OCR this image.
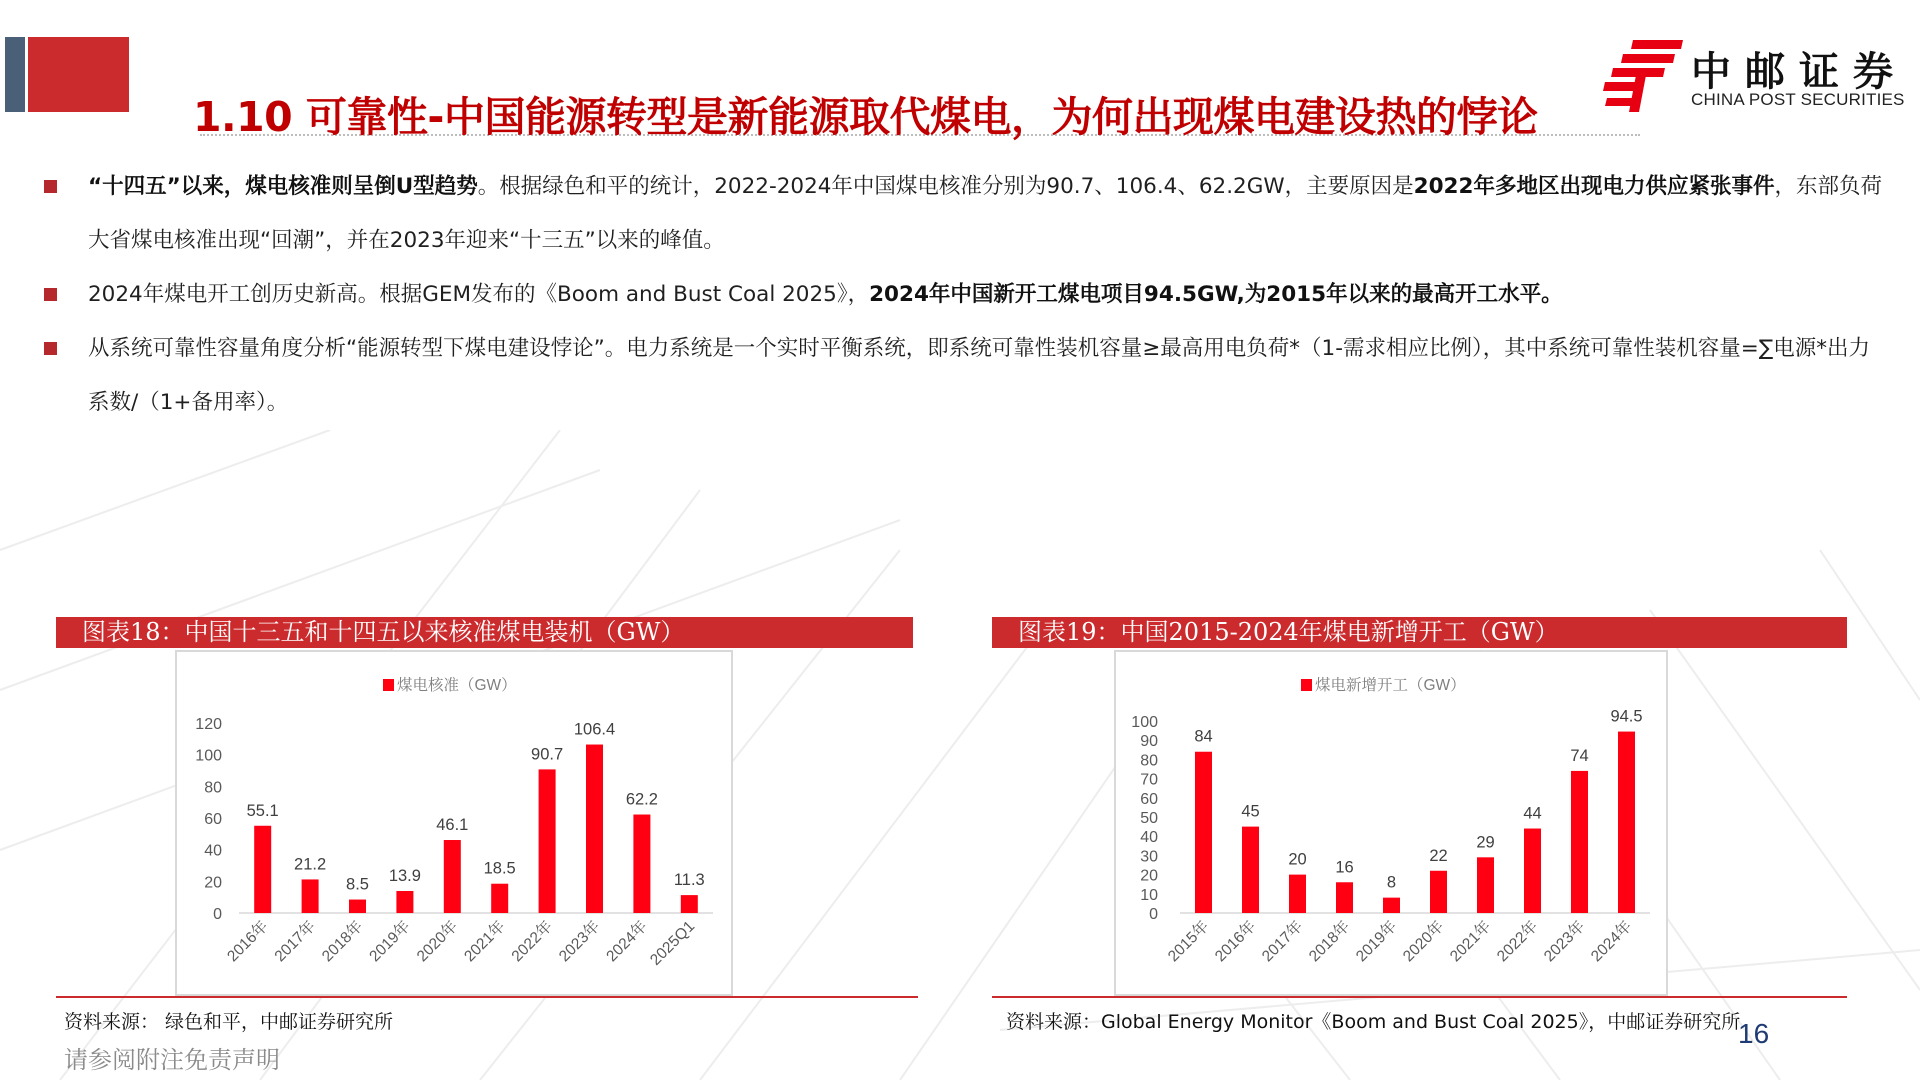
1.10 可靠性-中国能源转型是新能源取代煤电，为何出现煤电建设热的悖论
中邮证券
CHINA POST SECURITIES
“十四五”以来，煤电核准则呈倒U型趋势。根据绿色和平的统计，2022-2024年中国煤电核准分别为90.7、106.4、62.2GW，主要原因是2022年多地区出现电力供应紧张事件，东部负荷大省煤电核准出现“回潮”，并在2023年迎来“十三五”以来的峰值。
2024年煤电开工创历史新高。根据GEM发布的《Boom and Bust Coal 2025》，2024年中国新开工煤电项目94.5GW,为2015年以来的最高开工水平。
从系统可靠性容量角度分析“能源转型下煤电建设悖论”。电力系统是一个实时平衡系统，即系统可靠性装机容量≥最高用电负荷*（1-需求相应比例），其中系统可靠性装机容量=∑电源*出力系数/（1+备用率）。
图表18：中国十三五和十四五以来核准煤电装机（GW）
煤电核准（GW）
0
20
40
60
80
100
120
55.1
2016年
21.2
2017年
8.5
2018年
13.9
2019年
46.1
2020年
18.5
2021年
90.7
2022年
106.4
2023年
62.2
2024年
11.3
2025Q1
资料来源： 绿色和平，中邮证券研究所
图表19：中国2015-2024年煤电新增开工（GW）
煤电新增开工（GW）
0
10
20
30
40
50
60
70
80
90
100
84
2015年
45
2016年
20
2017年
16
2018年
8
2019年
22
2020年
29
2021年
44
2022年
74
2023年
94.5
2024年
资料来源：Global Energy Monitor《Boom and Bust Coal 2025》，中邮证券研究所
请参阅附注免责声明
16
